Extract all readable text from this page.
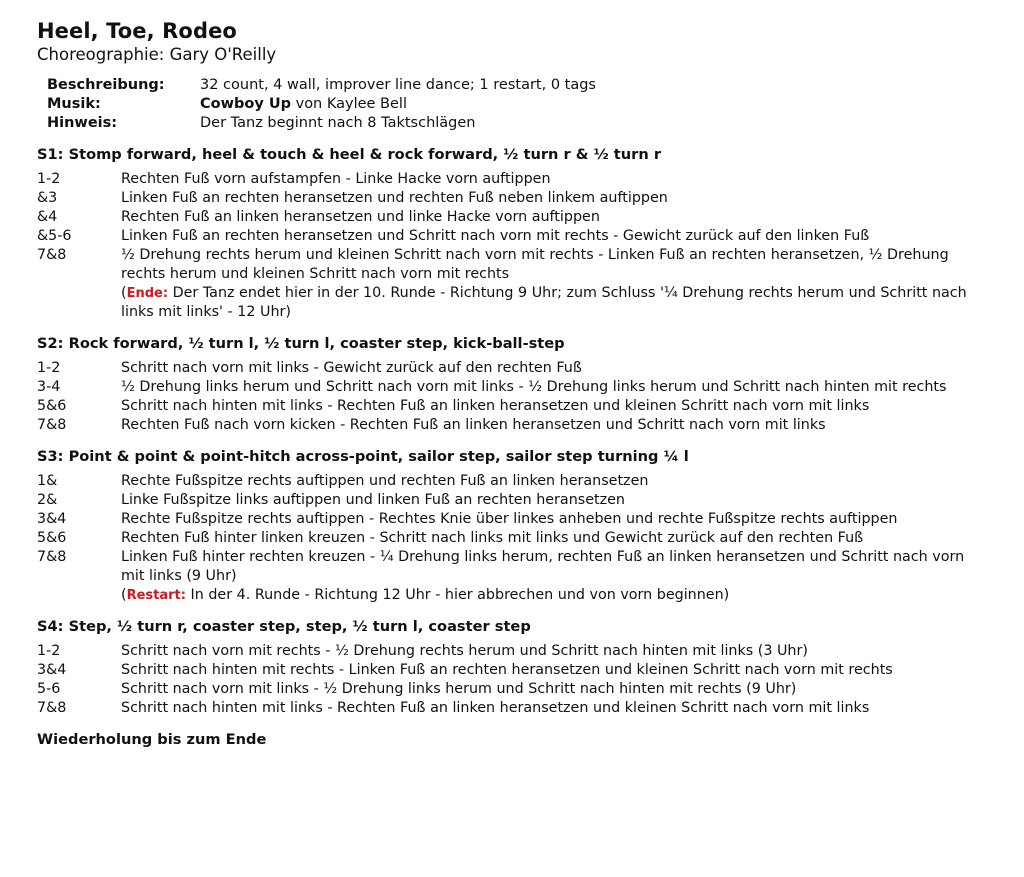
Heel, Toe, Rodeo
Choreographie: Gary O'Reilly
Beschreibung:	32 count, 4 wall, improver line dance; 1 restart, 0 tags
Musik:	Cowboy Up von Kaylee Bell
Hinweis:	Der Tanz beginnt nach 8 Taktschlägen
S1: Stomp forward, heel & touch & heel & rock forward, ½ turn r & ½ turn r
1-2	Rechten Fuß vorn aufstampfen - Linke Hacke vorn auftippen
&3	Linken Fuß an rechten heransetzen und rechten Fuß neben linkem auftippen
&4	Rechten Fuß an linken heransetzen und linke Hacke vorn auftippen
&5-6	Linken Fuß an rechten heransetzen und Schritt nach vorn mit rechts - Gewicht zurück auf den linken Fuß
7&8	½ Drehung rechts herum und kleinen Schritt nach vorn mit rechts - Linken Fuß an rechten heransetzen, ½ Drehung rechts herum und kleinen Schritt nach vorn mit rechts
(Ende: Der Tanz endet hier in der 10. Runde - Richtung 9 Uhr; zum Schluss '¼ Drehung rechts herum und Schritt nach links mit links' - 12 Uhr)
S2: Rock forward, ½ turn l, ½ turn l, coaster step, kick-ball-step
1-2	Schritt nach vorn mit links - Gewicht zurück auf den rechten Fuß
3-4	½ Drehung links herum und Schritt nach vorn mit links - ½ Drehung links herum und Schritt nach hinten mit rechts
5&6	Schritt nach hinten mit links - Rechten Fuß an linken heransetzen und kleinen Schritt nach vorn mit links
7&8	Rechten Fuß nach vorn kicken - Rechten Fuß an linken heransetzen und Schritt nach vorn mit links
S3: Point & point & point-hitch across-point, sailor step, sailor step turning ¼ l
1&	Rechte Fußspitze rechts auftippen und rechten Fuß an linken heransetzen
2&	Linke Fußspitze links auftippen und linken Fuß an rechten heransetzen
3&4	Rechte Fußspitze rechts auftippen - Rechtes Knie über linkes anheben und rechte Fußspitze rechts auftippen
5&6	Rechten Fuß hinter linken kreuzen - Schritt nach links mit links und Gewicht zurück auf den rechten Fuß
7&8	Linken Fuß hinter rechten kreuzen - ¼ Drehung links herum, rechten Fuß an linken heransetzen und Schritt nach vorn mit links (9 Uhr)
(Restart: In der 4. Runde - Richtung 12 Uhr - hier abbrechen und von vorn beginnen)
S4: Step, ½ turn r, coaster step, step, ½ turn l, coaster step
1-2	Schritt nach vorn mit rechts - ½ Drehung rechts herum und Schritt nach hinten mit links (3 Uhr)
3&4	Schritt nach hinten mit rechts - Linken Fuß an rechten heransetzen und kleinen Schritt nach vorn mit rechts
5-6	Schritt nach vorn mit links - ½ Drehung links herum und Schritt nach hinten mit rechts (9 Uhr)
7&8	Schritt nach hinten mit links - Rechten Fuß an linken heransetzen und kleinen Schritt nach vorn mit links
Wiederholung bis zum Ende
